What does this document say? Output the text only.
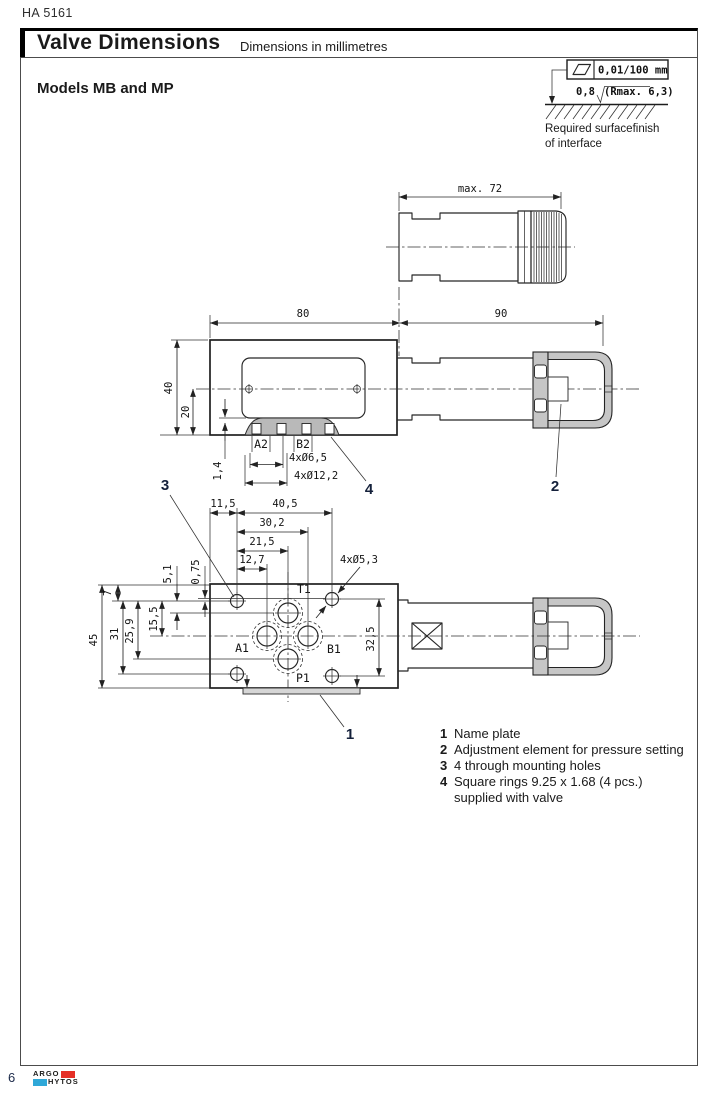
HA 5161
Valve Dimensions Dimensions in millimetres
Models MB and MP
0,01/100 mm
0,8 (Rmax. 6,3)
Required surfacefinish
of interface
max. 72
80	90
40
20
A2 B2
4xØ6,5
4xØ12,2
1,4
T1
A1	B1
P1
11,5	40,5
30,2
21,5
12,7	4xØ5,3
45 31 25,9 15,5
7
5,1 0,75
32,5
3	4	2
1	1 Name plate
2 Adjustment element for pressure setting
3 4 through mounting holes
4 Square rings 9.25 x 1.68 (4 pcs.)
supplied with valve
6 ARGO
HYTOS
